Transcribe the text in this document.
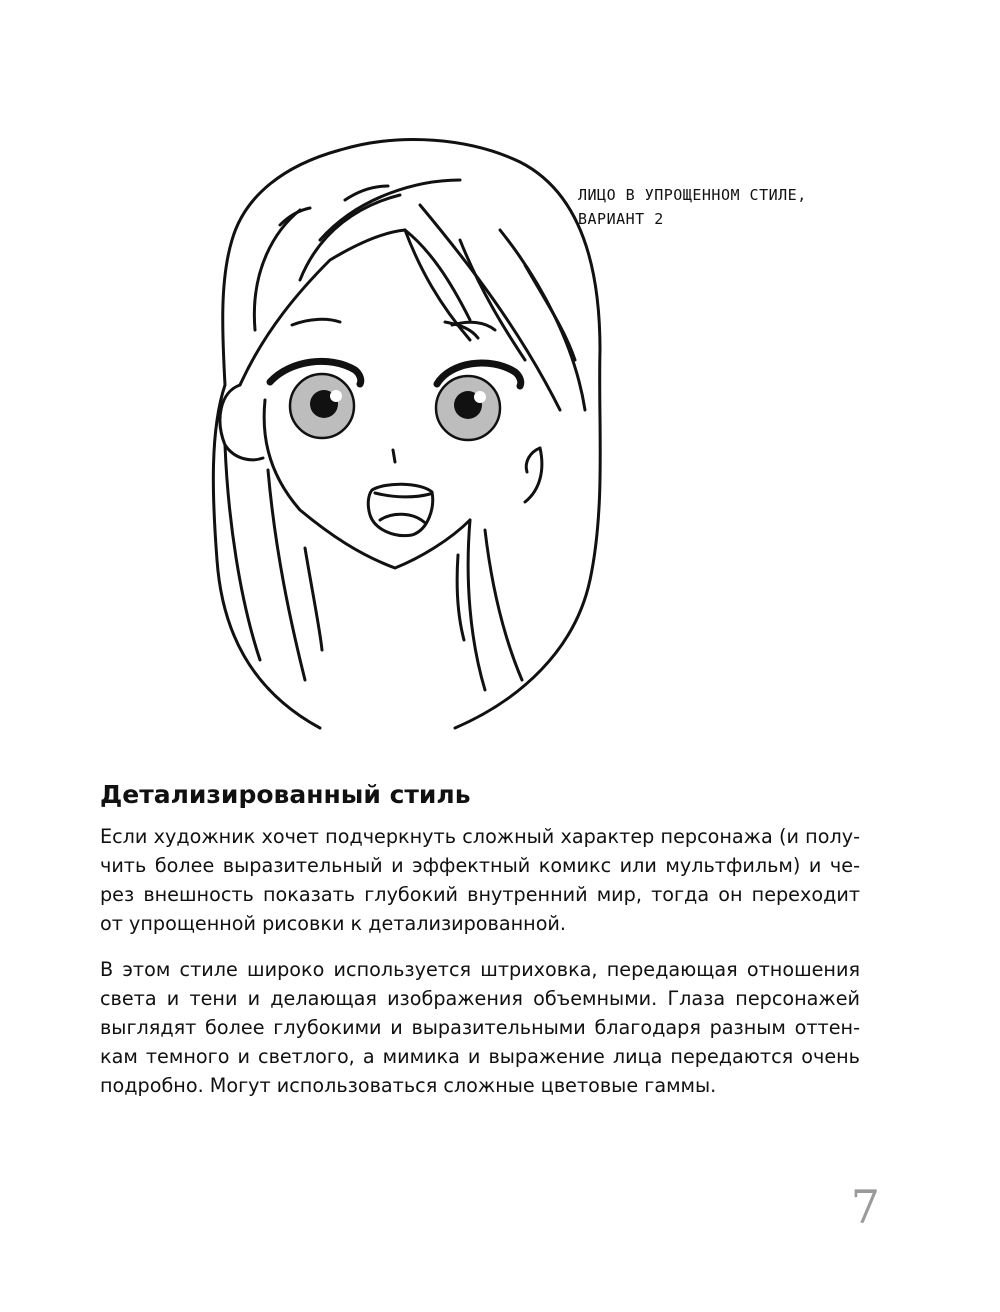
ЛИЦО В УПРОЩЕННОМ СТИЛЕ,
ВАРИАНТ 2
Детализированный стиль

Если художник хочет подчеркнуть сложный характер персонажа (и полу-
чить более выразительный и эффектный комикс или мультфильм) и че-
рез внешность показать глубокий внутренний мир, тогда он переходит
от упрощенной рисовки к детализированной.

В этом стиле широко используется штриховка, передающая отношения
света и тени и делающая изображения объемными. Глаза персонажей
выглядят более глубокими и выразительными благодаря разным оттен-
кам темного и светлого, а мимика и выражение лица передаются очень
подробно. Могут использоваться сложные цветовые гаммы.

7
